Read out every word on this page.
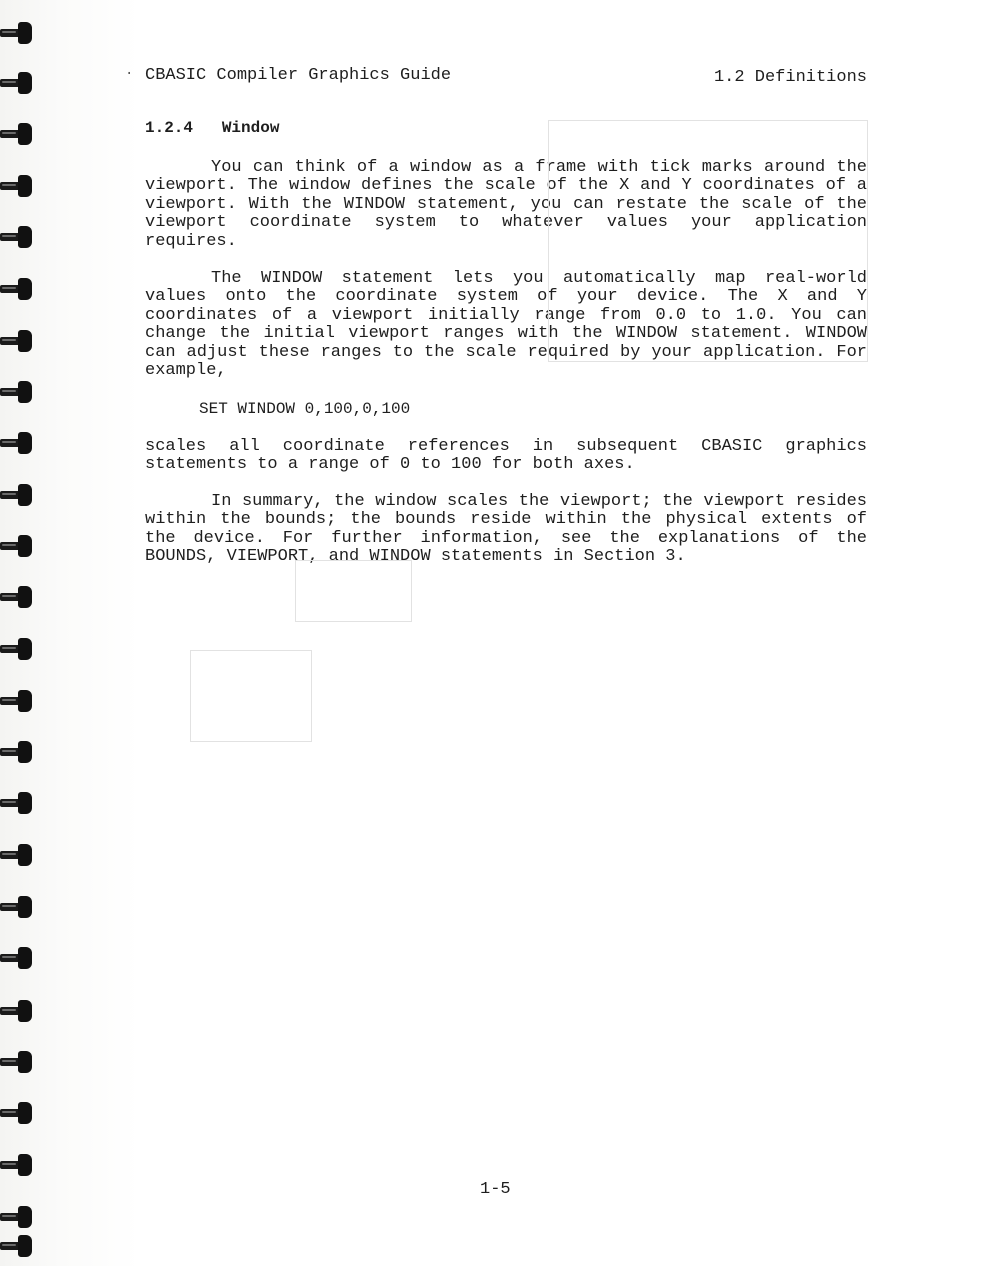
· CBASIC Compiler Graphics Guide	1.2 Definitions
1.2.4 Window
You can think of a window as a frame with tick marks around the viewport. The window defines the scale of the X and Y coordinates of a viewport. With the WINDOW statement, you can restate the scale of the viewport coordinate system to whatever values your application requires.
The WINDOW statement lets you automatically map real-world values onto the coordinate system of your device. The X and Y coordinates of a viewport initially range from 0.0 to 1.0. You can change the initial viewport ranges with the WINDOW statement. WINDOW can adjust these ranges to the scale required by your application. For example,
SET WINDOW 0,100,0,100
scales all coordinate references in subsequent CBASIC graphics statements to a range of 0 to 100 for both axes.
In summary, the window scales the viewport; the viewport resides within the bounds; the bounds reside within the physical extents of the device. For further information, see the explanations of the BOUNDS, VIEWPORT, and WINDOW statements in Section 3.
1-5
